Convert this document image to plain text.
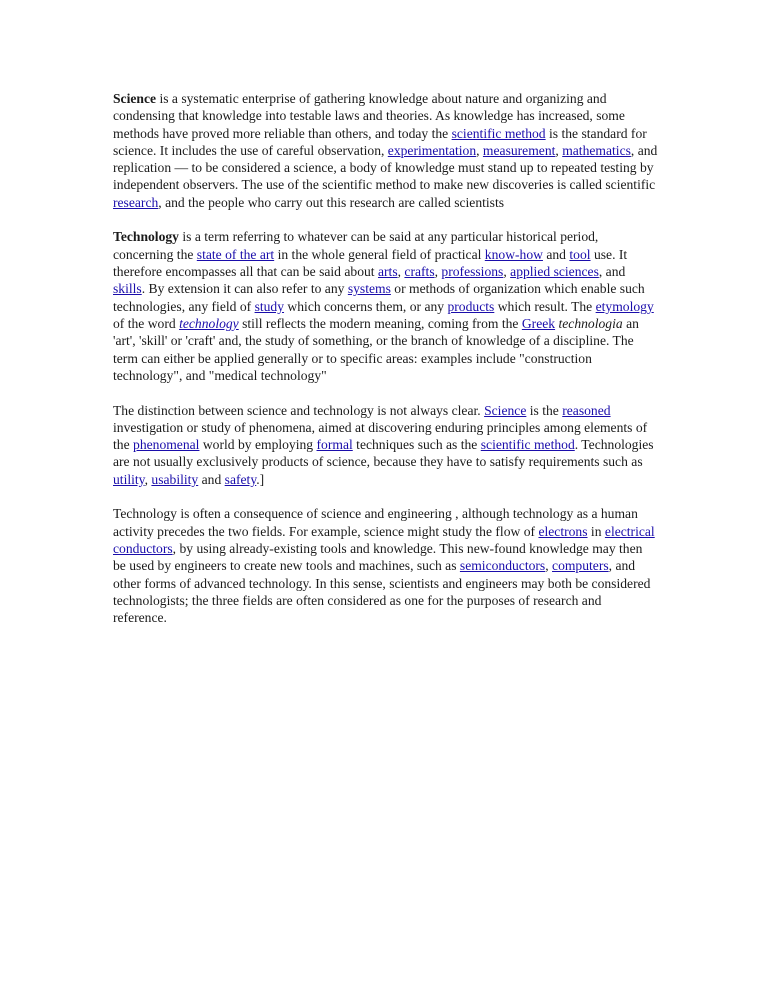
Science is a systematic enterprise of gathering knowledge about nature and organizing and condensing that knowledge into testable laws and theories. As knowledge has increased, some methods have proved more reliable than others, and today the scientific method is the standard for science. It includes the use of careful observation, experimentation, measurement, mathematics, and replication — to be considered a science, a body of knowledge must stand up to repeated testing by independent observers. The use of the scientific method to make new discoveries is called scientific research, and the people who carry out this research are called scientists

Technology is a term referring to whatever can be said at any particular historical period, concerning the state of the art in the whole general field of practical know-how and tool use. It therefore encompasses all that can be said about arts, crafts, professions, applied sciences, and skills. By extension it can also refer to any systems or methods of organization which enable such technologies, any field of study which concerns them, or any products which result. The etymology of the word technology still reflects the modern meaning, coming from the Greek technologia an 'art', 'skill' or 'craft' and, the study of something, or the branch of knowledge of a discipline. The term can either be applied generally or to specific areas: examples include "construction technology", and "medical technology"

The distinction between science and technology is not always clear. Science is the reasoned investigation or study of phenomena, aimed at discovering enduring principles among elements of the phenomenal world by employing formal techniques such as the scientific method. Technologies are not usually exclusively products of science, because they have to satisfy requirements such as utility, usability and safety.]

Technology is often a consequence of science and engineering , although technology as a human activity precedes the two fields. For example, science might study the flow of electrons in electrical conductors, by using already-existing tools and knowledge. This new-found knowledge may then be used by engineers to create new tools and machines, such as semiconductors, computers, and other forms of advanced technology. In this sense, scientists and engineers may both be considered technologists; the three fields are often considered as one for the purposes of research and reference.
